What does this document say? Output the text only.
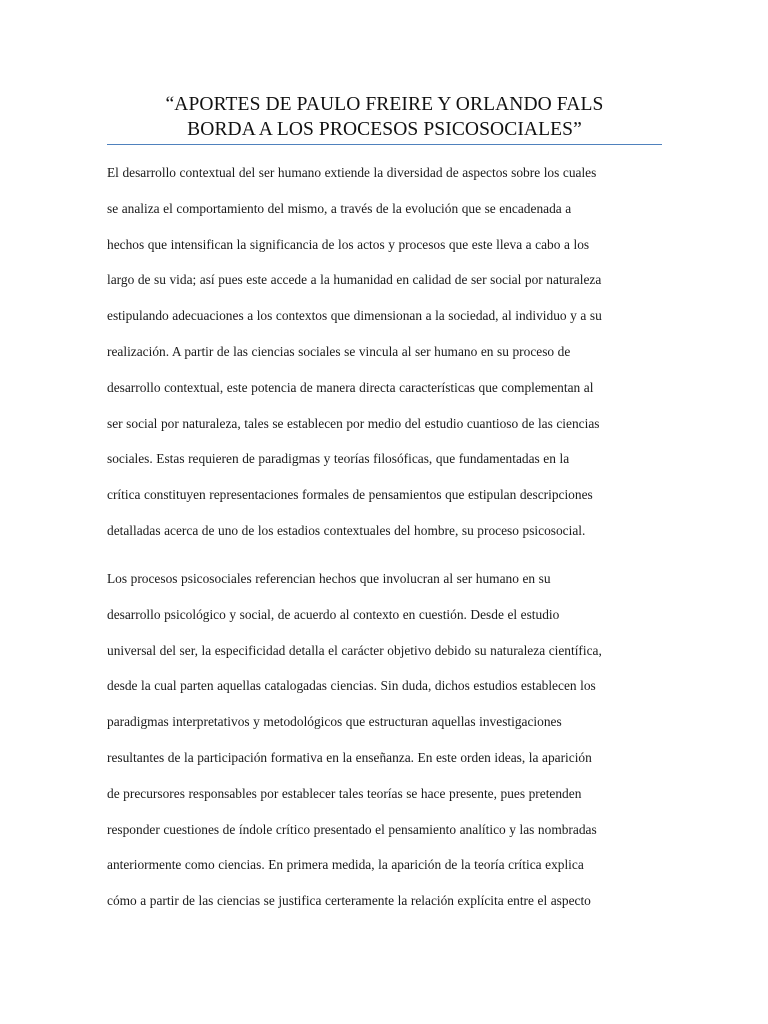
“APORTES DE PAULO FREIRE Y ORLANDO FALS
BORDA A LOS PROCESOS PSICOSOCIALES”
El desarrollo contextual del ser humano extiende la diversidad de aspectos sobre los cuales
se analiza el comportamiento del mismo, a través de la evolución que se encadenada a
hechos que intensifican la significancia de los actos y procesos que este lleva a cabo a los
largo de su vida; así pues este accede a la humanidad en calidad de ser social por naturaleza
estipulando adecuaciones a los contextos que dimensionan a la sociedad, al individuo y a su
realización. A partir de las ciencias sociales se vincula al ser humano en su proceso de
desarrollo contextual, este potencia de manera directa características que complementan al
ser social por naturaleza, tales se establecen por medio del estudio cuantioso de las ciencias
sociales. Estas requieren de paradigmas y teorías filosóficas, que fundamentadas en la
crítica constituyen representaciones formales de pensamientos que estipulan descripciones
detalladas acerca de uno de los estadios contextuales del hombre, su proceso psicosocial.
Los procesos psicosociales referencian hechos que involucran al ser humano en su
desarrollo psicológico y social, de acuerdo al contexto en cuestión. Desde el estudio
universal del ser, la especificidad detalla el carácter objetivo debido su naturaleza científica,
desde la cual parten aquellas catalogadas ciencias. Sin duda, dichos estudios establecen los
paradigmas interpretativos y metodológicos que estructuran aquellas investigaciones
resultantes de la participación formativa en la enseñanza. En este orden ideas, la aparición
de precursores responsables por establecer tales teorías se hace presente, pues pretenden
responder cuestiones de índole crítico presentado el pensamiento analítico y las nombradas
anteriormente como ciencias. En primera medida, la aparición de la teoría crítica explica
cómo a partir de las ciencias se justifica certeramente la relación explícita entre el aspecto
